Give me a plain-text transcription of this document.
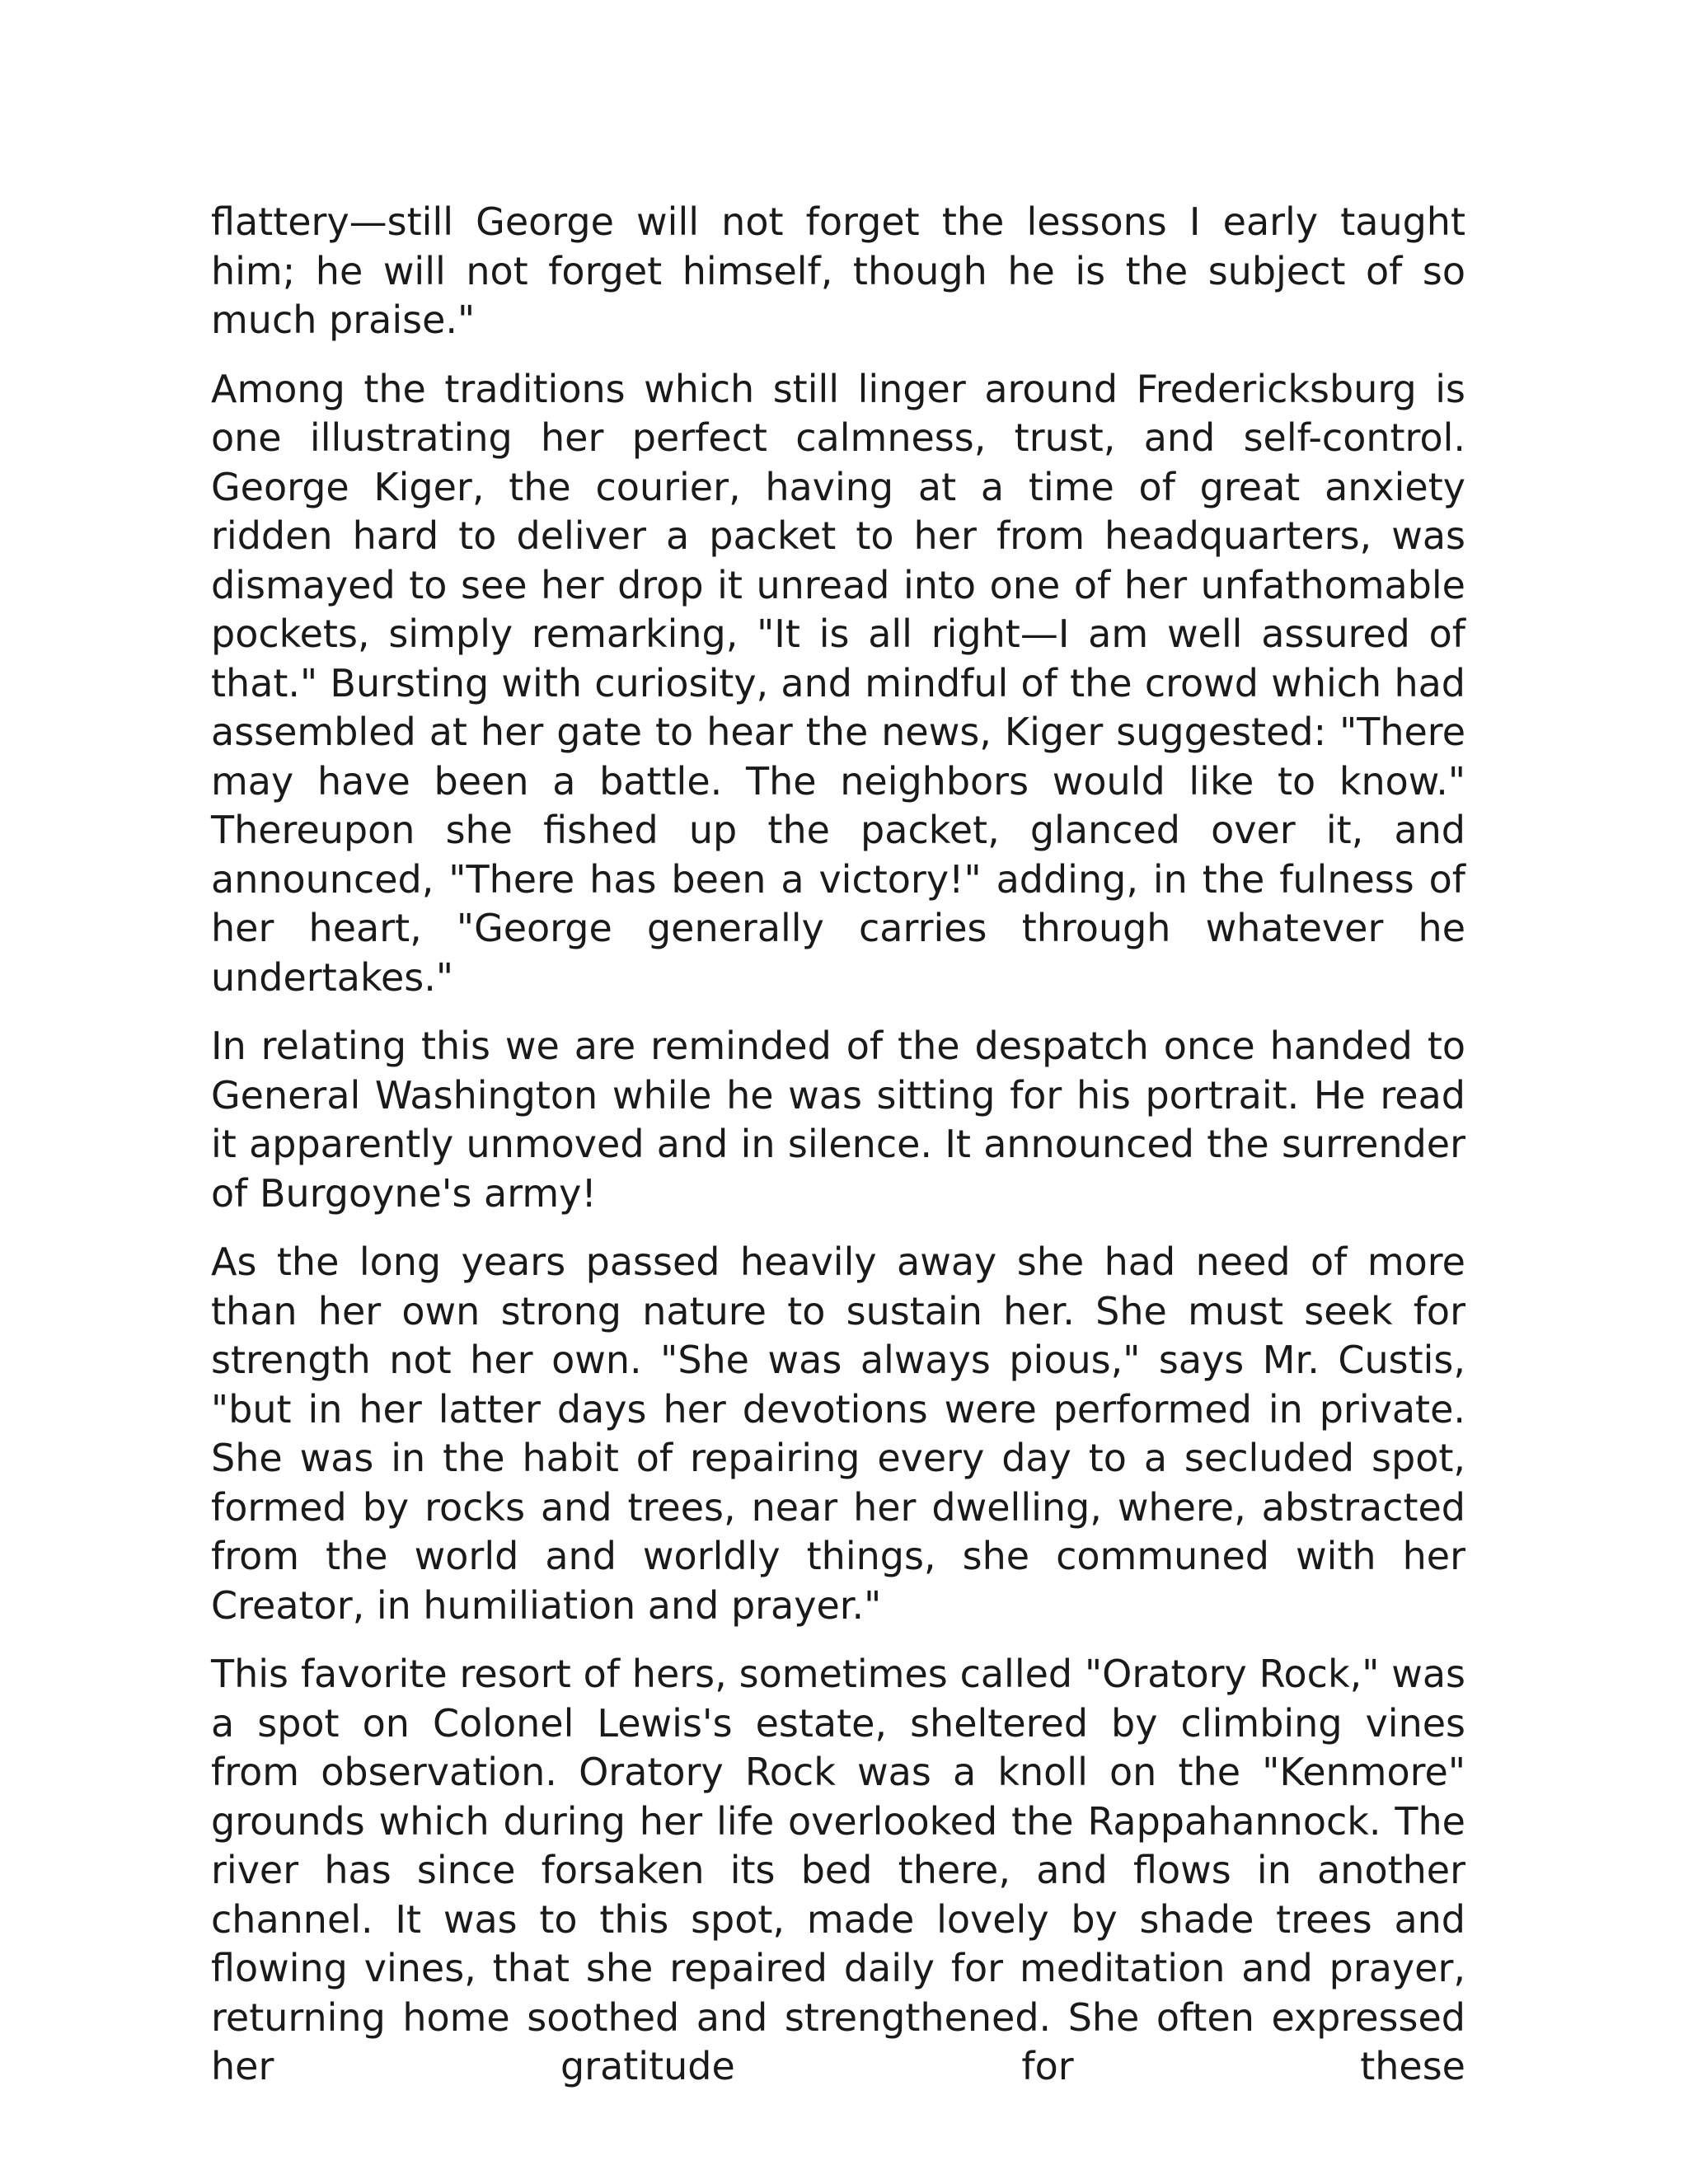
flattery—still George will not forget the lessons I early taught him; he will not forget himself, though he is the subject of so much praise."

Among the traditions which still linger around Fredericksburg is one illustrating her perfect calmness, trust, and self-control. George Kiger, the courier, having at a time of great anxiety ridden hard to deliver a packet to her from headquarters, was dismayed to see her drop it unread into one of her unfathomable pockets, simply remarking, "It is all right—I am well assured of that." Bursting with curiosity, and mindful of the crowd which had assembled at her gate to hear the news, Kiger suggested: "There may have been a battle. The neighbors would like to know." Thereupon she fished up the packet, glanced over it, and announced, "There has been a victory!" adding, in the fulness of her heart, "George generally carries through whatever he undertakes."

In relating this we are reminded of the despatch once handed to General Washington while he was sitting for his portrait. He read it apparently unmoved and in silence. It announced the surrender of Burgoyne's army!

As the long years passed heavily away she had need of more than her own strong nature to sustain her. She must seek for strength not her own. "She was always pious," says Mr. Custis, "but in her latter days her devotions were performed in private. She was in the habit of repairing every day to a secluded spot, formed by rocks and trees, near her dwelling, where, abstracted from the world and worldly things, she communed with her Creator, in humiliation and prayer."

This favorite resort of hers, sometimes called "Oratory Rock," was a spot on Colonel Lewis's estate, sheltered by climbing vines from observation. Oratory Rock was a knoll on the "Kenmore" grounds which during her life overlooked the Rappahannock. The river has since forsaken its bed there, and flows in another channel. It was to this spot, made lovely by shade trees and flowing vines, that she repaired daily for meditation and prayer, returning home soothed and strengthened. She often expressed her gratitude for these
